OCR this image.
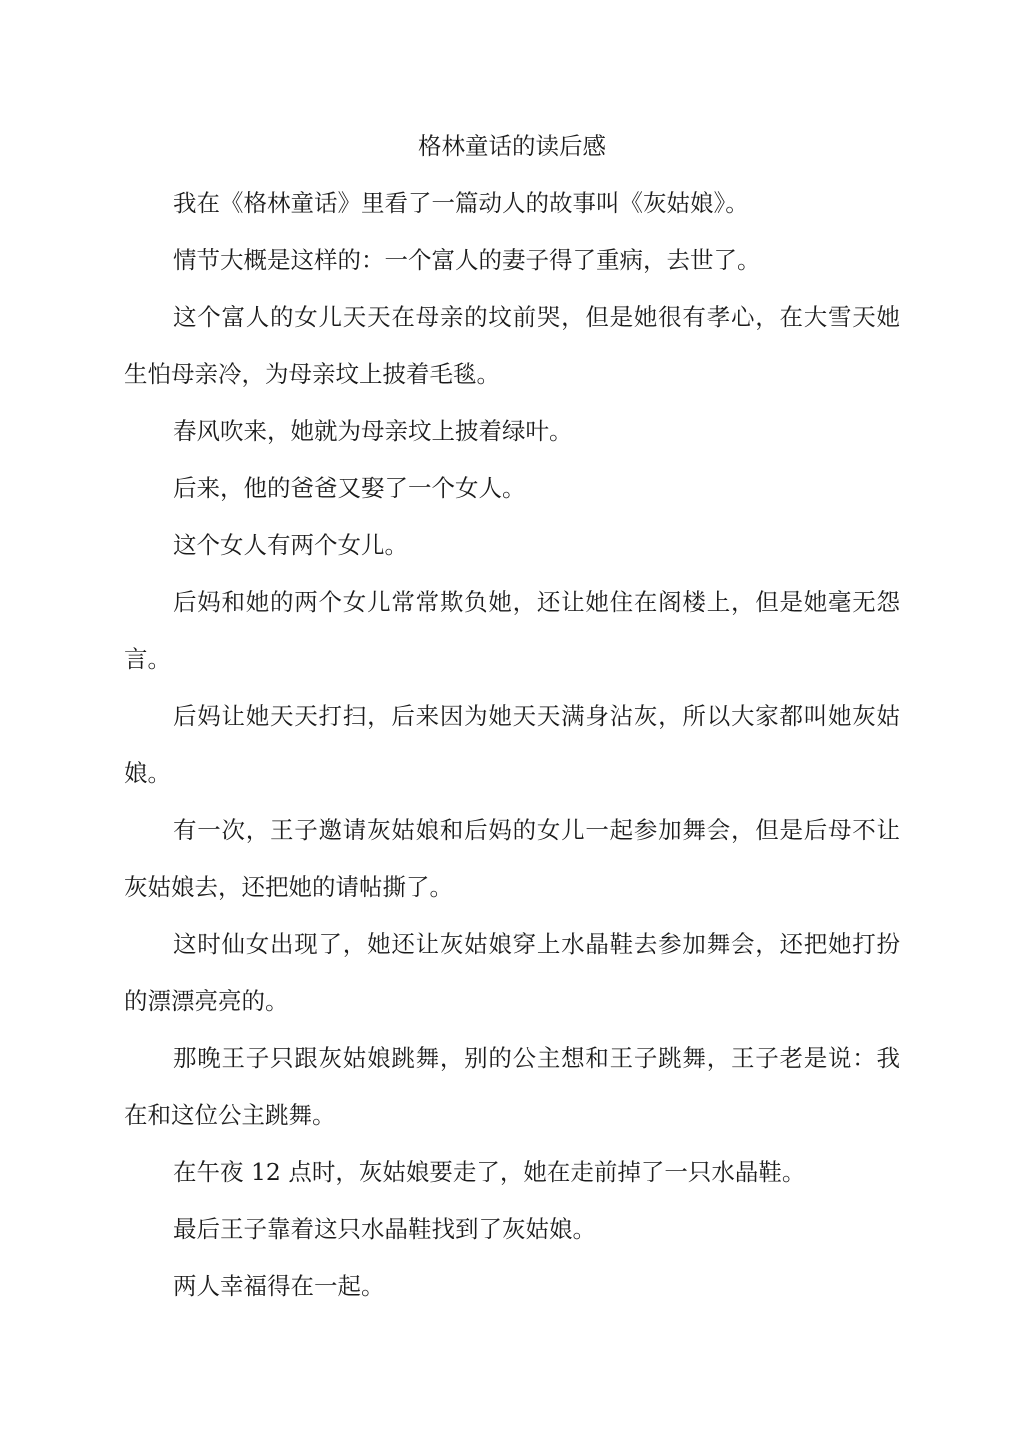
格林童话的读后感

我在《格林童话》里看了一篇动人的故事叫《灰姑娘》。

情节大概是这样的：一个富人的妻子得了重病，去世了。

这个富人的女儿天天在母亲的坟前哭，但是她很有孝心，在大雪天她生怕母亲冷，为母亲坟上披着毛毯。

春风吹来，她就为母亲坟上披着绿叶。

后来，他的爸爸又娶了一个女人。

这个女人有两个女儿。

后妈和她的两个女儿常常欺负她，还让她住在阁楼上，但是她毫无怨言。

后妈让她天天打扫，后来因为她天天满身沾灰，所以大家都叫她灰姑娘。

有一次，王子邀请灰姑娘和后妈的女儿一起参加舞会，但是后母不让灰姑娘去，还把她的请帖撕了。

这时仙女出现了，她还让灰姑娘穿上水晶鞋去参加舞会，还把她打扮的漂漂亮亮的。

那晚王子只跟灰姑娘跳舞，别的公主想和王子跳舞，王子老是说：我在和这位公主跳舞。

在午夜 12 点时，灰姑娘要走了，她在走前掉了一只水晶鞋。

最后王子靠着这只水晶鞋找到了灰姑娘。

两人幸福得在一起。
